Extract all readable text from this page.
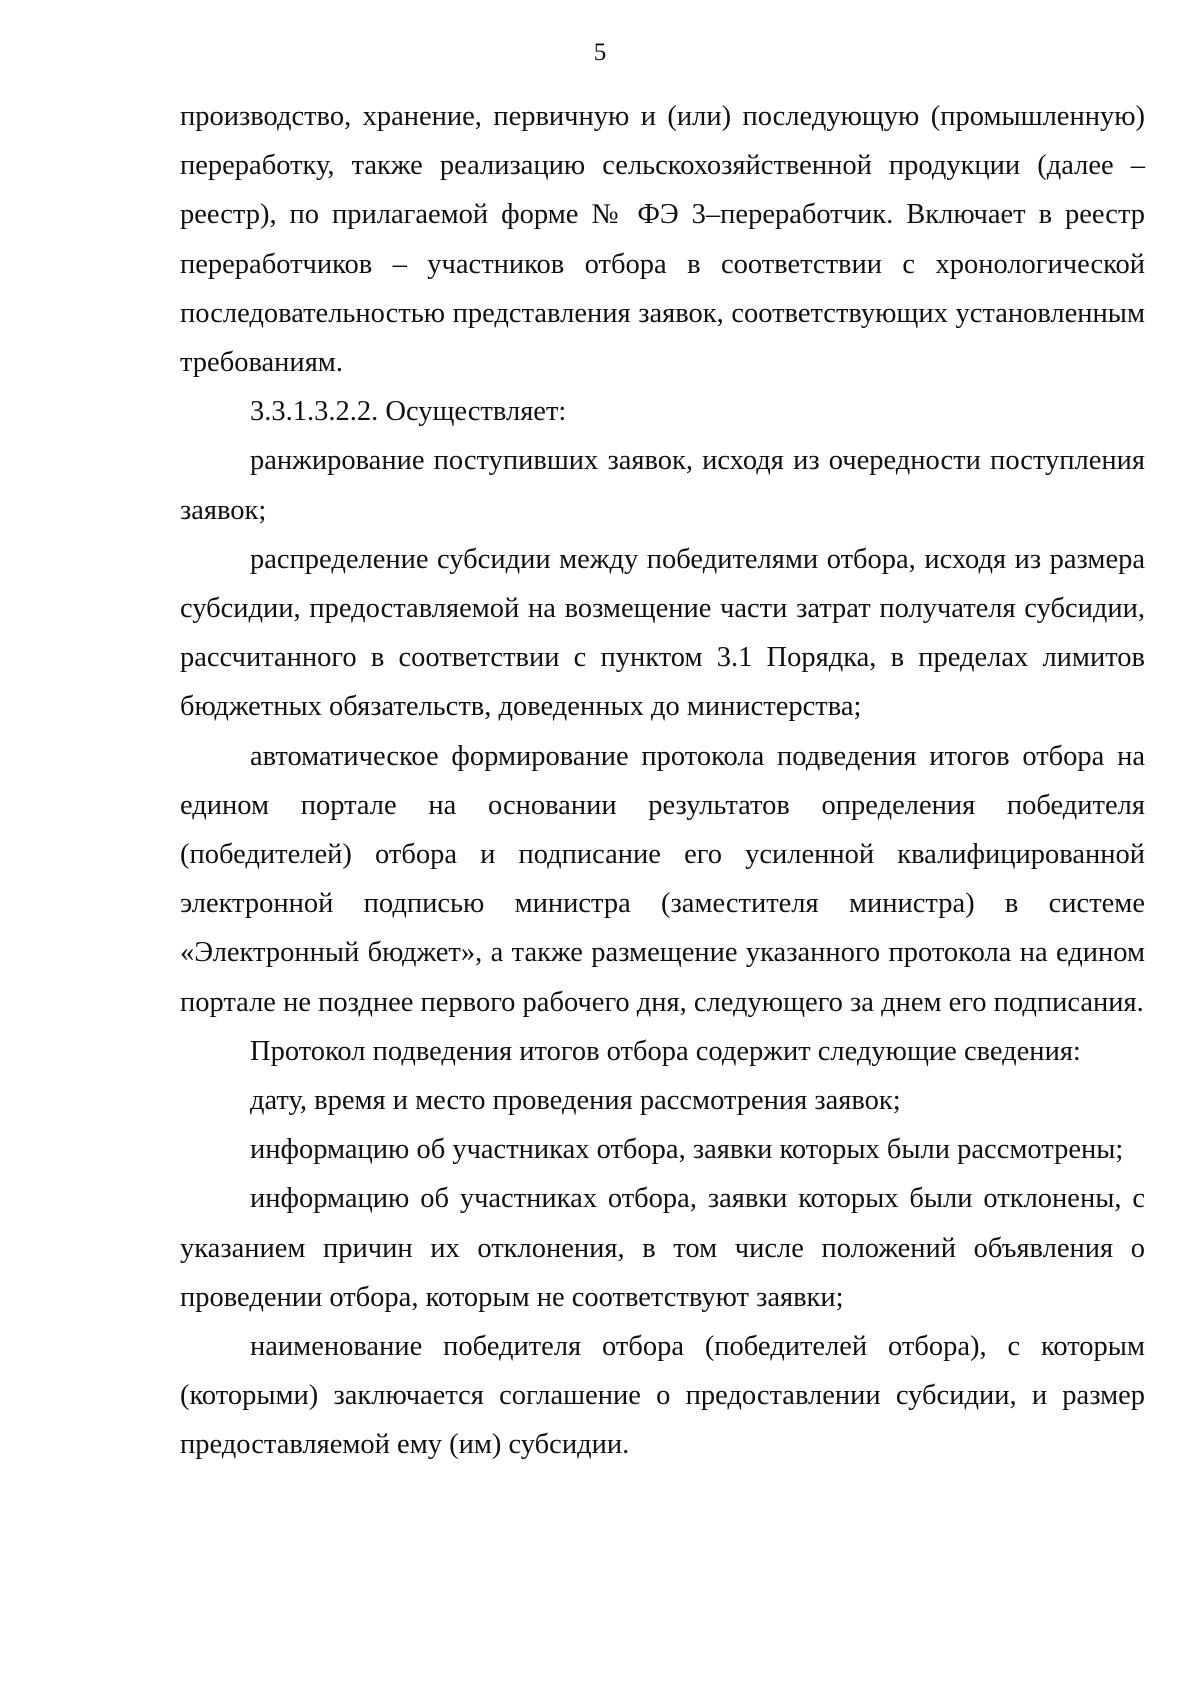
5

производство, хранение, первичную и (или) последующую (промышленную) переработку, также реализацию сельскохозяйственной продукции (далее – реестр), по прилагаемой форме № ФЭ 3–переработчик. Включает в реестр переработчиков – участников отбора в соответствии с хронологической последовательностью представления заявок, соответствующих установленным требованиям.

3.3.1.3.2.2. Осуществляет:

ранжирование поступивших заявок, исходя из очередности поступления заявок;

распределение субсидии между победителями отбора, исходя из размера субсидии, предоставляемой на возмещение части затрат получателя субсидии, рассчитанного в соответствии с пунктом 3.1 Порядка, в пределах лимитов бюджетных обязательств, доведенных до министерства;

автоматическое формирование протокола подведения итогов отбора на едином портале на основании результатов определения победителя (победителей) отбора и подписание его усиленной квалифицированной электронной подписью министра (заместителя министра) в системе «Электронный бюджет», а также размещение указанного протокола на едином портале не позднее первого рабочего дня, следующего за днем его подписания.

Протокол подведения итогов отбора содержит следующие сведения:

дату, время и место проведения рассмотрения заявок;

информацию об участниках отбора, заявки которых были рассмотрены;

информацию об участниках отбора, заявки которых были отклонены, с указанием причин их отклонения, в том числе положений объявления о проведении отбора, которым не соответствуют заявки;

наименование победителя отбора (победителей отбора), с которым (которыми) заключается соглашение о предоставлении субсидии, и размер предоставляемой ему (им) субсидии.
